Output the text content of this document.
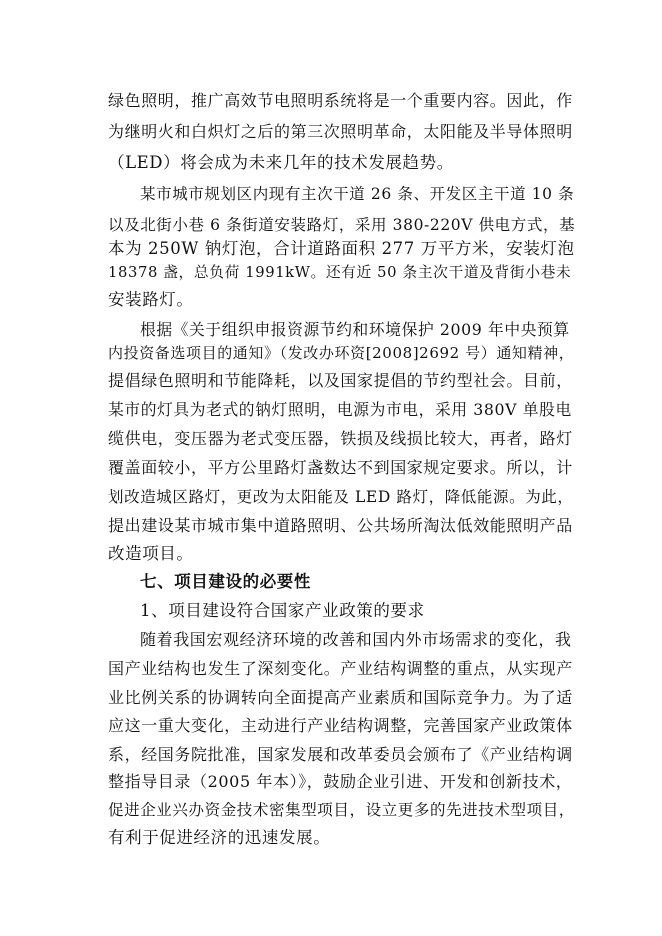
绿色照明，推广高效节电照明系统将是一个重要内容。因此，作
为继明火和白炽灯之后的第三次照明革命，太阳能及半导体照明
（LED）将会成为未来几年的技术发展趋势。
某市城市规划区内现有主次干道 26 条、开发区主干道 10 条
以及北街小巷 6 条街道安装路灯，采用 380-220V 供电方式，基
本为 250W 钠灯泡，合计道路面积 277 万平方米，安装灯泡
18378 盏，总负荷 1991kW。还有近 50 条主次干道及背街小巷未
安装路灯。
根据《关于组织申报资源节约和环境保护 2009 年中央预算
内投资备选项目的通知》（发改办环资[2008]2692 号）通知精神，
提倡绿色照明和节能降耗，以及国家提倡的节约型社会。目前，
某市的灯具为老式的钠灯照明，电源为市电，采用 380V 单股电
缆供电，变压器为老式变压器，铁损及线损比较大，再者，路灯
覆盖面较小，平方公里路灯盏数达不到国家规定要求。所以，计
划改造城区路灯，更改为太阳能及 LED 路灯，降低能源。为此，
提出建设某市城市集中道路照明、公共场所淘汰低效能照明产品
改造项目。
七、项目建设的必要性
1、项目建设符合国家产业政策的要求
随着我国宏观经济环境的改善和国内外市场需求的变化，我
国产业结构也发生了深刻变化。产业结构调整的重点，从实现产
业比例关系的协调转向全面提高产业素质和国际竞争力。为了适
应这一重大变化，主动进行产业结构调整，完善国家产业政策体
系，经国务院批准，国家发展和改革委员会颁布了《产业结构调
整指导目录（2005 年本）》，鼓励企业引进、开发和创新技术，
促进企业兴办资金技术密集型项目，设立更多的先进技术型项目，
有利于促进经济的迅速发展。
